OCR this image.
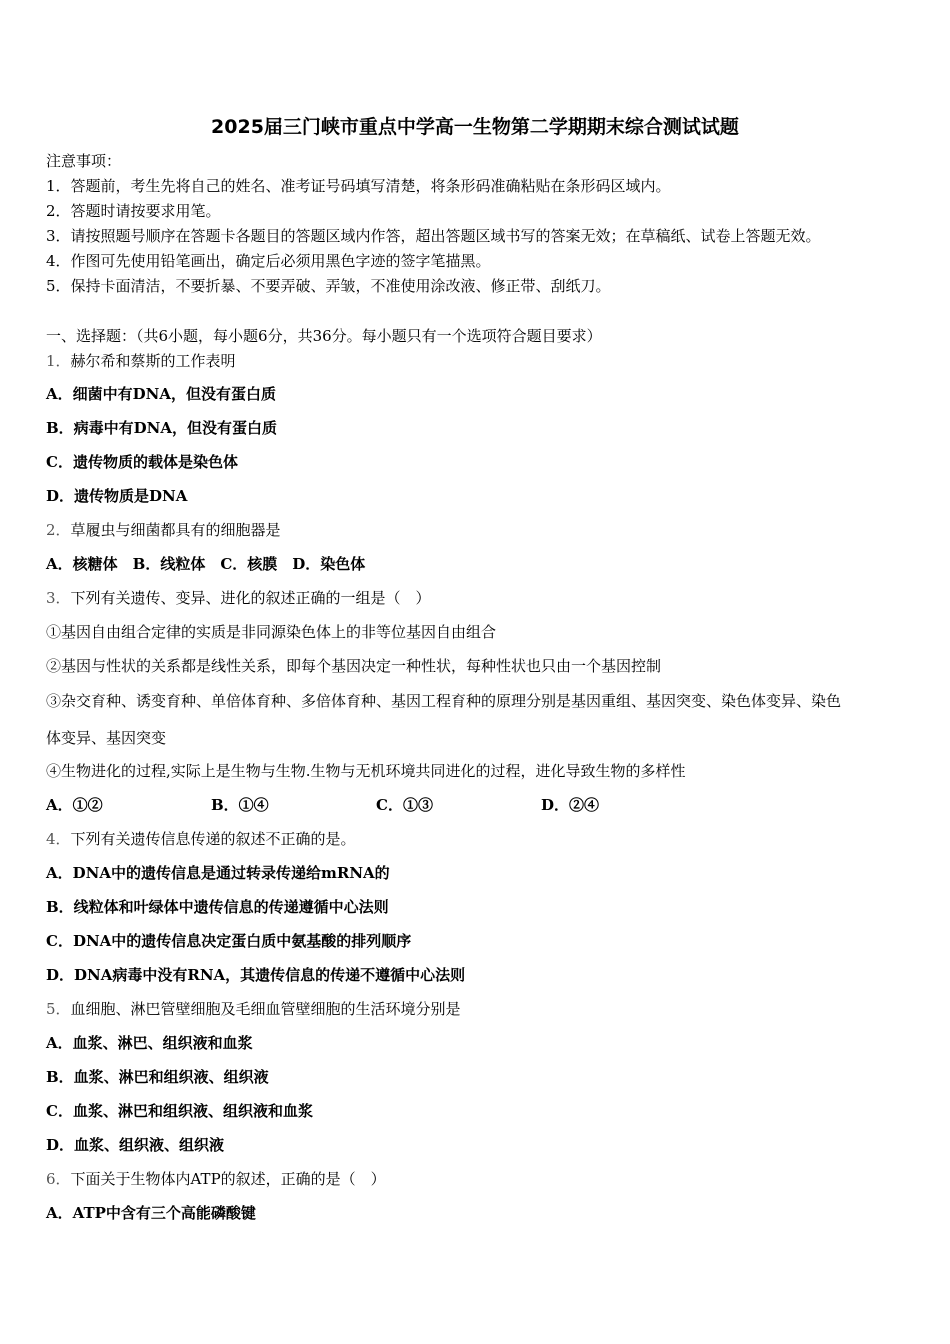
2025届三门峡市重点中学高一生物第二学期期末综合测试试题
注意事项：
1．答题前，考生先将自己的姓名、准考证号码填写清楚，将条形码准确粘贴在条形码区域内。
2．答题时请按要求用笔。
3．请按照题号顺序在答题卡各题目的答题区域内作答，超出答题区域书写的答案无效；在草稿纸、试卷上答题无效。
4．作图可先使用铅笔画出，确定后必须用黑色字迹的签字笔描黑。
5．保持卡面清洁，不要折暴、不要弄破、弄皱，不准使用涂改液、修正带、刮纸刀。
一、选择题：（共6小题，每小题6分，共36分。每小题只有一个选项符合题目要求）
1．赫尔希和蔡斯的工作表明
A．细菌中有DNA，但没有蛋白质
B．病毒中有DNA，但没有蛋白质
C．遗传物质的载体是染色体
D．遗传物质是DNA
2．草履虫与细菌都具有的细胞器是
A．核糖体　B．线粒体　C．核膜　D．染色体
3．下列有关遗传、变异、进化的叙述正确的一组是（　）
①基因自由组合定律的实质是非同源染色体上的非等位基因自由组合
②基因与性状的关系都是线性关系，即每个基因决定一种性状，每种性状也只由一个基因控制
③杂交育种、诱变育种、单倍体育种、多倍体育种、基因工程育种的原理分别是基因重组、基因突变、染色体变异、染色
体变异、基因突变
④生物进化的过程,实际上是生物与生物.生物与无机环境共同进化的过程，进化导致生物的多样性
A．①②	B．①④	C．①③	D．②④
4．下列有关遗传信息传递的叙述不正确的是。
A．DNA中的遗传信息是通过转录传递给mRNA的
B．线粒体和叶绿体中遗传信息的传递遵循中心法则
C．DNA中的遗传信息决定蛋白质中氨基酸的排列顺序
D．DNA病毒中没有RNA，其遗传信息的传递不遵循中心法则
5．血细胞、淋巴管壁细胞及毛细血管壁细胞的生活环境分别是
A．血浆、淋巴、组织液和血浆
B．血浆、淋巴和组织液、组织液
C．血浆、淋巴和组织液、组织液和血浆
D．血浆、组织液、组织液
6．下面关于生物体内ATP的叙述，正确的是（　）
A．ATP中含有三个高能磷酸键
